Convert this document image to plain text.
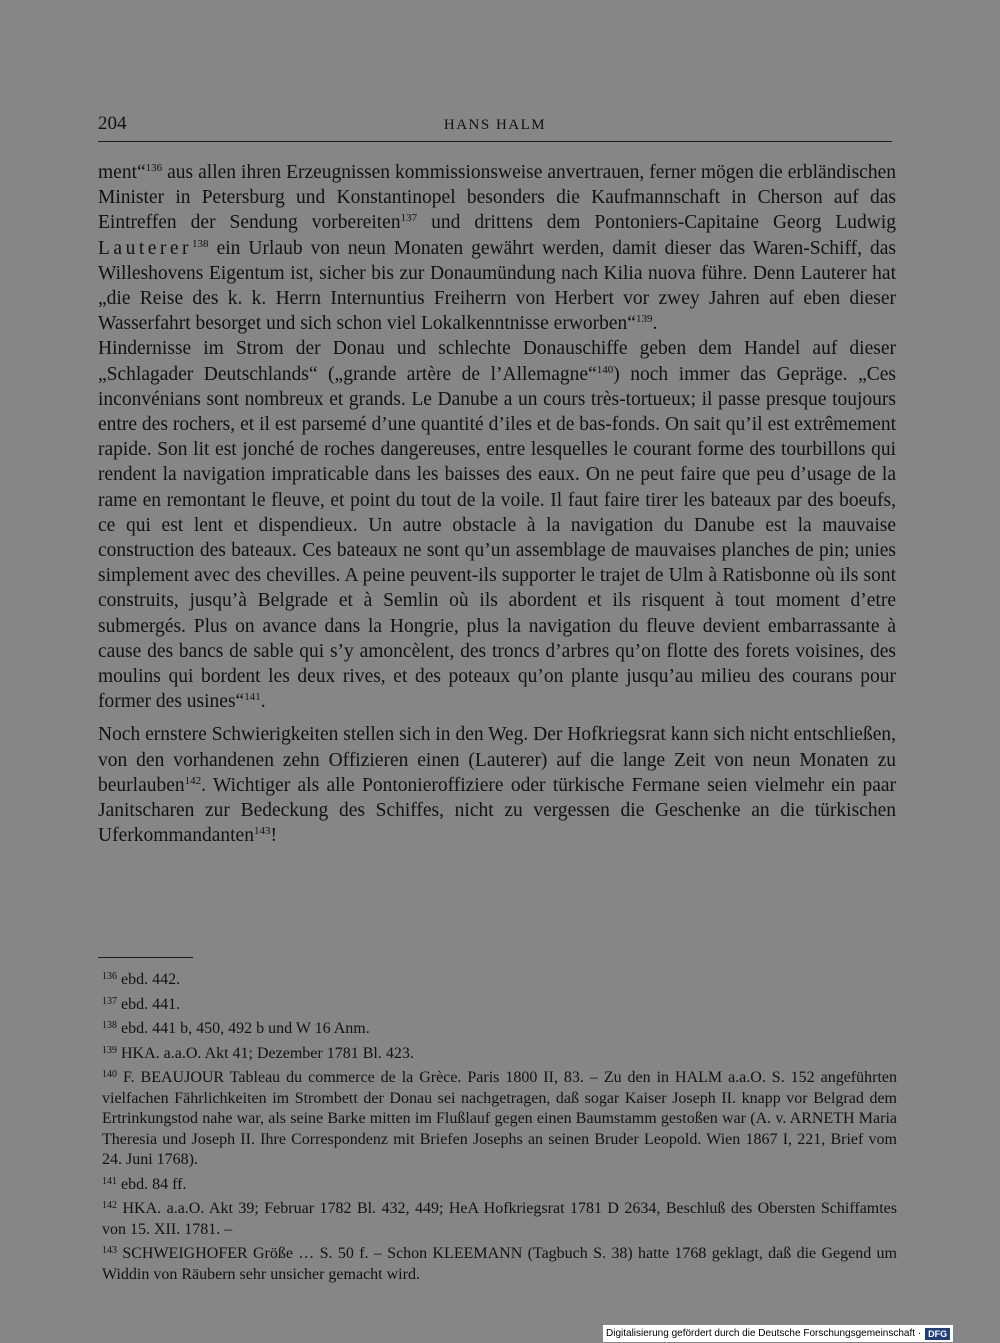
204	HANS HALM

ment“$^{136}$ aus allen ihren Erzeugnissen kommissionsweise anvertrauen, ferner mögen die erbländischen Minister in Petersburg und Konstantinopel besonders die Kaufmannschaft in Cherson auf das Eintreffen der Sendung vorbereiten$^{137}$ und drittens dem Pontoniers-Capitaine Georg Ludwig Lauterer$^{138}$ ein Urlaub von neun Monaten gewährt werden, damit dieser das Waren-Schiff, das Willeshovens Eigentum ist, sicher bis zur Donaumündung nach Kilia nuova führe. Denn Lauterer hat „die Reise des k. k. Herrn Internuntius Freiherrn von Herbert vor zwey Jahren auf eben dieser Wasserfahrt besorget und sich schon viel Lokalkenntnisse erworben“$^{139}$.
Hindernisse im Strom der Donau und schlechte Donauschiffe geben dem Handel auf dieser „Schlagader Deutschlands“ („grande artère de l’Allemagne“$^{140}$) noch immer das Gepräge. „Ces inconvénians sont nombreux et grands. Le Danube a un cours très-tortueux; il passe presque toujours entre des rochers, et il est parsemé d’une quantité d’iles et de bas-fonds. On sait qu’il est extrêmement rapide. Son lit est jonché de roches dangereuses, entre lesquelles le courant forme des tourbillons qui rendent la navigation impraticable dans les baisses des eaux. On ne peut faire que peu d’usage de la rame en remontant le fleuve, et point du tout de la voile. Il faut faire tirer les bateaux par des boeufs, ce qui est lent et dispendieux. Un autre obstacle à la navigation du Danube est la mauvaise construction des bateaux. Ces bateaux ne sont qu’un assemblage de mauvaises planches de pin; unies simplement avec des chevilles. A peine peuvent-ils supporter le trajet de Ulm à Ratisbonne où ils sont construits, jusqu’à Belgrade et à Semlin où ils abordent et ils risquent à tout moment d’etre submergés. Plus on avance dans la Hongrie, plus la navigation du fleuve devient embarrassante à cause des bancs de sable qui s’y amoncèlent, des troncs d’arbres qu’on flotte des forets voisines, des moulins qui bordent les deux rives, et des poteaux qu’on plante jusqu’au milieu des courans pour former des usines“$^{141}$.

Noch ernstere Schwierigkeiten stellen sich in den Weg. Der Hofkriegsrat kann sich nicht entschließen, von den vorhandenen zehn Offizieren einen (Lauterer) auf die lange Zeit von neun Monaten zu beurlauben$^{142}$. Wichtiger als alle Pontonieroffiziere oder türkische Fermane seien vielmehr ein paar Janitscharen zur Bedeckung des Schiffes, nicht zu vergessen die Geschenke an die türkischen Uferkommandanten$^{143}$!

$^{136}$ ebd. 442.
$^{137}$ ebd. 441.
$^{138}$ ebd. 441 b, 450, 492 b und W 16 Anm.
$^{139}$ HKA. a.a.O. Akt 41; Dezember 1781 Bl. 423.
$^{140}$ F. BEAUJOUR Tableau du commerce de la Grèce. Paris 1800 II, 83. – Zu den in HALM a.a.O. S. 152 angeführten vielfachen Fährlichkeiten im Strombett der Donau sei nachgetragen, daß sogar Kaiser Joseph II. knapp vor Belgrad dem Ertrinkungstod nahe war, als seine Barke mitten im Flußlauf gegen einen Baumstamm gestoßen war (A. v. ARNETH Maria Theresia und Joseph II. Ihre Correspondenz mit Briefen Josephs an seinen Bruder Leopold. Wien 1867 I, 221, Brief vom 24. Juni 1768).
$^{141}$ ebd. 84 ff.
$^{142}$ HKA. a.a.O. Akt 39; Februar 1782 Bl. 432, 449; HeA Hofkriegsrat 1781 D 2634, Beschluß des Obersten Schiffamtes von 15. XII. 1781. –
$^{143}$ SCHWEIGHOFER Größe … S. 50 f. – Schon KLEEMANN (Tagbuch S. 38) hatte 1768 geklagt, daß die Gegend um Widdin von Räubern sehr unsicher gemacht wird.
Digitalisierung gefördert durch die Deutsche Forschungsgemeinschaft · DFG
